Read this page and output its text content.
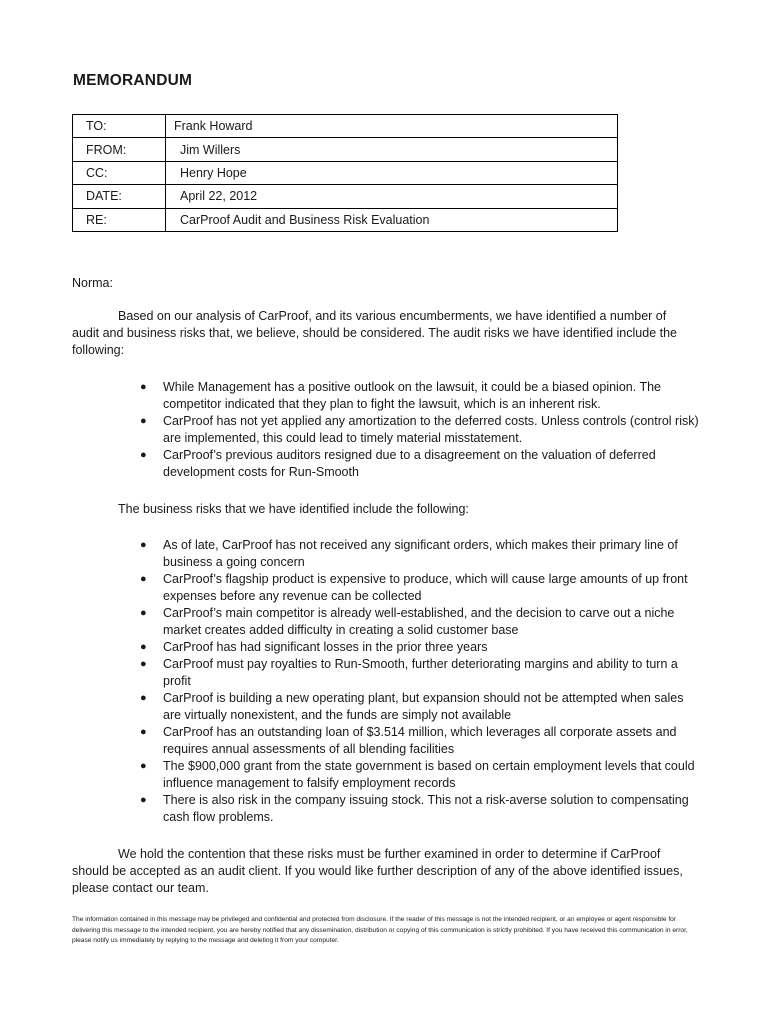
MEMORANDUM
TO:	Frank Howard
FROM:	Jim Willers
CC:	Henry Hope
DATE:	April 22, 2012
RE:	CarProof Audit and Business Risk Evaluation
Norma:

Based on our analysis of CarProof, and its various encumberments, we have identified a number of audit and business risks that, we believe, should be considered. The audit risks we have identified include the following:

● While Management has a positive outlook on the lawsuit, it could be a biased opinion. The competitor indicated that they plan to fight the lawsuit, which is an inherent risk.
● CarProof has not yet applied any amortization to the deferred costs. Unless controls (control risk) are implemented, this could lead to timely material misstatement.
● CarProof’s previous auditors resigned due to a disagreement on the valuation of deferred development costs for Run-Smooth

The business risks that we have identified include the following:

● As of late, CarProof has not received any significant orders, which makes their primary line of business a going concern
● CarProof’s flagship product is expensive to produce, which will cause large amounts of up front expenses before any revenue can be collected
● CarProof’s main competitor is already well-established, and the decision to carve out a niche market creates added difficulty in creating a solid customer base
● CarProof has had significant losses in the prior three years
● CarProof must pay royalties to Run-Smooth, further deteriorating margins and ability to turn a profit
● CarProof is building a new operating plant, but expansion should not be attempted when sales are virtually nonexistent, and the funds are simply not available
● CarProof has an outstanding loan of $3.514 million, which leverages all corporate assets and requires annual assessments of all blending facilities
● The $900,000 grant from the state government is based on certain employment levels that could influence management to falsify employment records
● There is also risk in the company issuing stock. This not a risk-averse solution to compensating cash flow problems.

We hold the contention that these risks must be further examined in order to determine if CarProof should be accepted as an audit client. If you would like further description of any of the above identified issues, please contact our team.

The information contained in this message may be privileged and confidential and protected from disclosure. If the reader of this message is not the intended recipient, or an employee or agent responsible for delivering this message to the intended recipient, you are hereby notified that any dissemination, distribution or copying of this communication is strictly prohibited. If you have received this communication in error, please notify us immediately by replying to the message and deleting it from your computer.
